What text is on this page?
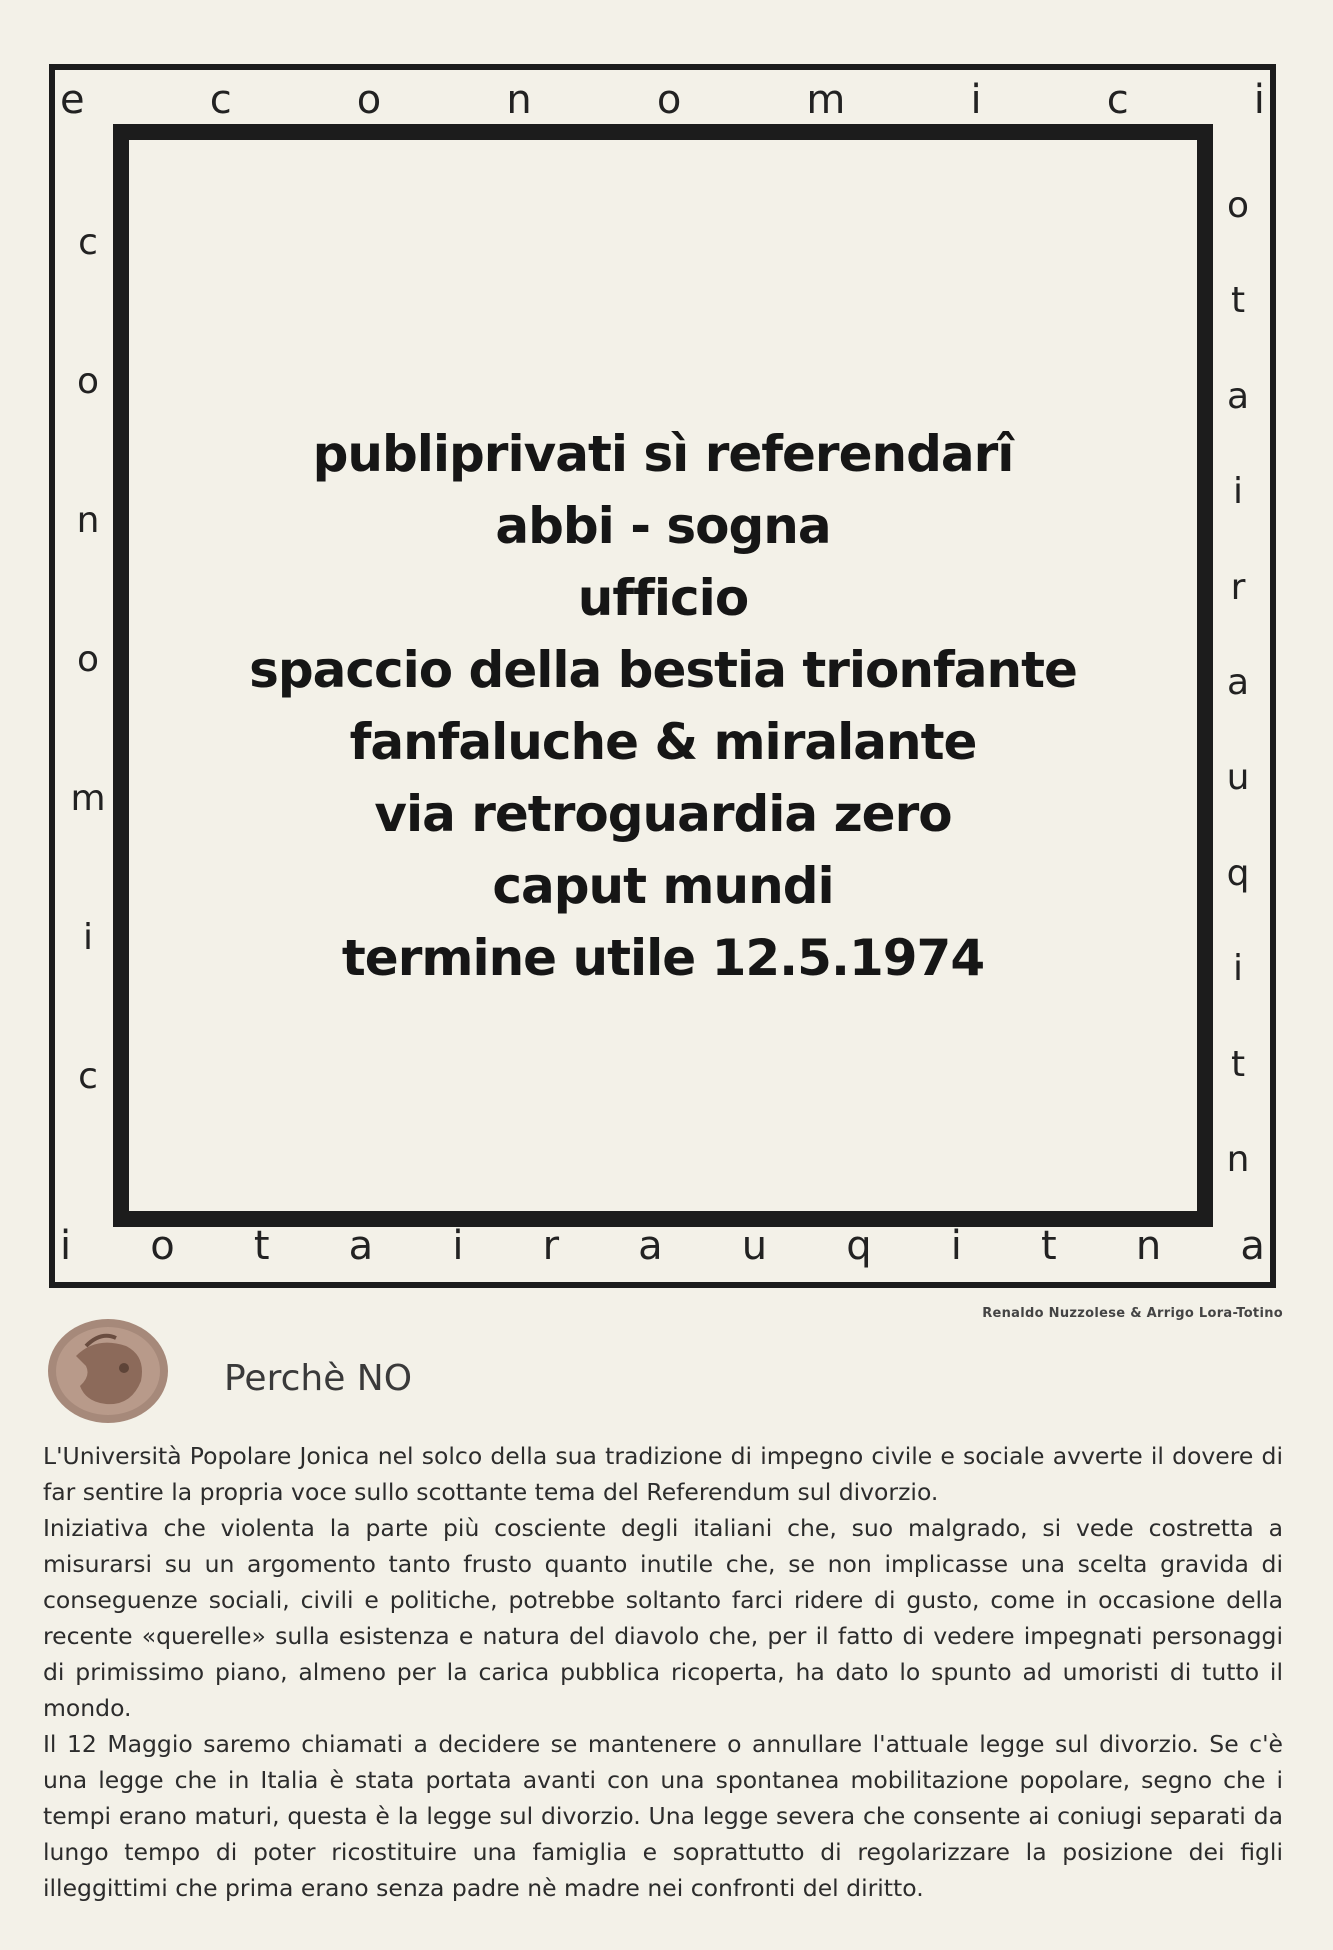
e	c	o	n	o	m	i	c	i
o
t
a
i
r
a
u
q
i
t
n
i o t a i r a u q i t n a
c
o
n
o
m
i
c
publiprivati sì referendarî
abbi - sogna
ufficio
spaccio della bestia trionfante
fanfaluche & miralante
via retroguardia zero
caput mundi
termine utile 12.5.1974
Renaldo Nuzzolese & Arrigo Lora-Totino
Perchè NO

L'Università Popolare Jonica nel solco della sua tradizione di impegno civile e sociale avverte il dovere di far sentire la propria voce sullo scottante tema del Referendum sul divorzio.

Iniziativa che violenta la parte più cosciente degli italiani che, suo malgrado, si vede costretta a misurarsi su un argomento tanto frusto quanto inutile che, se non implicasse una scelta gravida di conseguenze sociali, civili e politiche, potrebbe soltanto farci ridere di gusto, come in occasione della recente «querelle» sulla esistenza e natura del diavolo che, per il fatto di vedere impegnati personaggi di primissimo piano, almeno per la carica pubblica ricoperta, ha dato lo spunto ad umoristi di tutto il mondo.

Il 12 Maggio saremo chiamati a decidere se mantenere o annullare l'attuale legge sul divorzio. Se c'è una legge che in Italia è stata portata avanti con una spontanea mobilitazione popolare, segno che i tempi erano maturi, questa è la legge sul divorzio. Una legge severa che consente ai coniugi separati da lungo tempo di poter ricostituire una famiglia e soprattutto di regolarizzare la posizione dei figli illeggittimi che prima erano senza padre nè madre nei confronti del diritto.
